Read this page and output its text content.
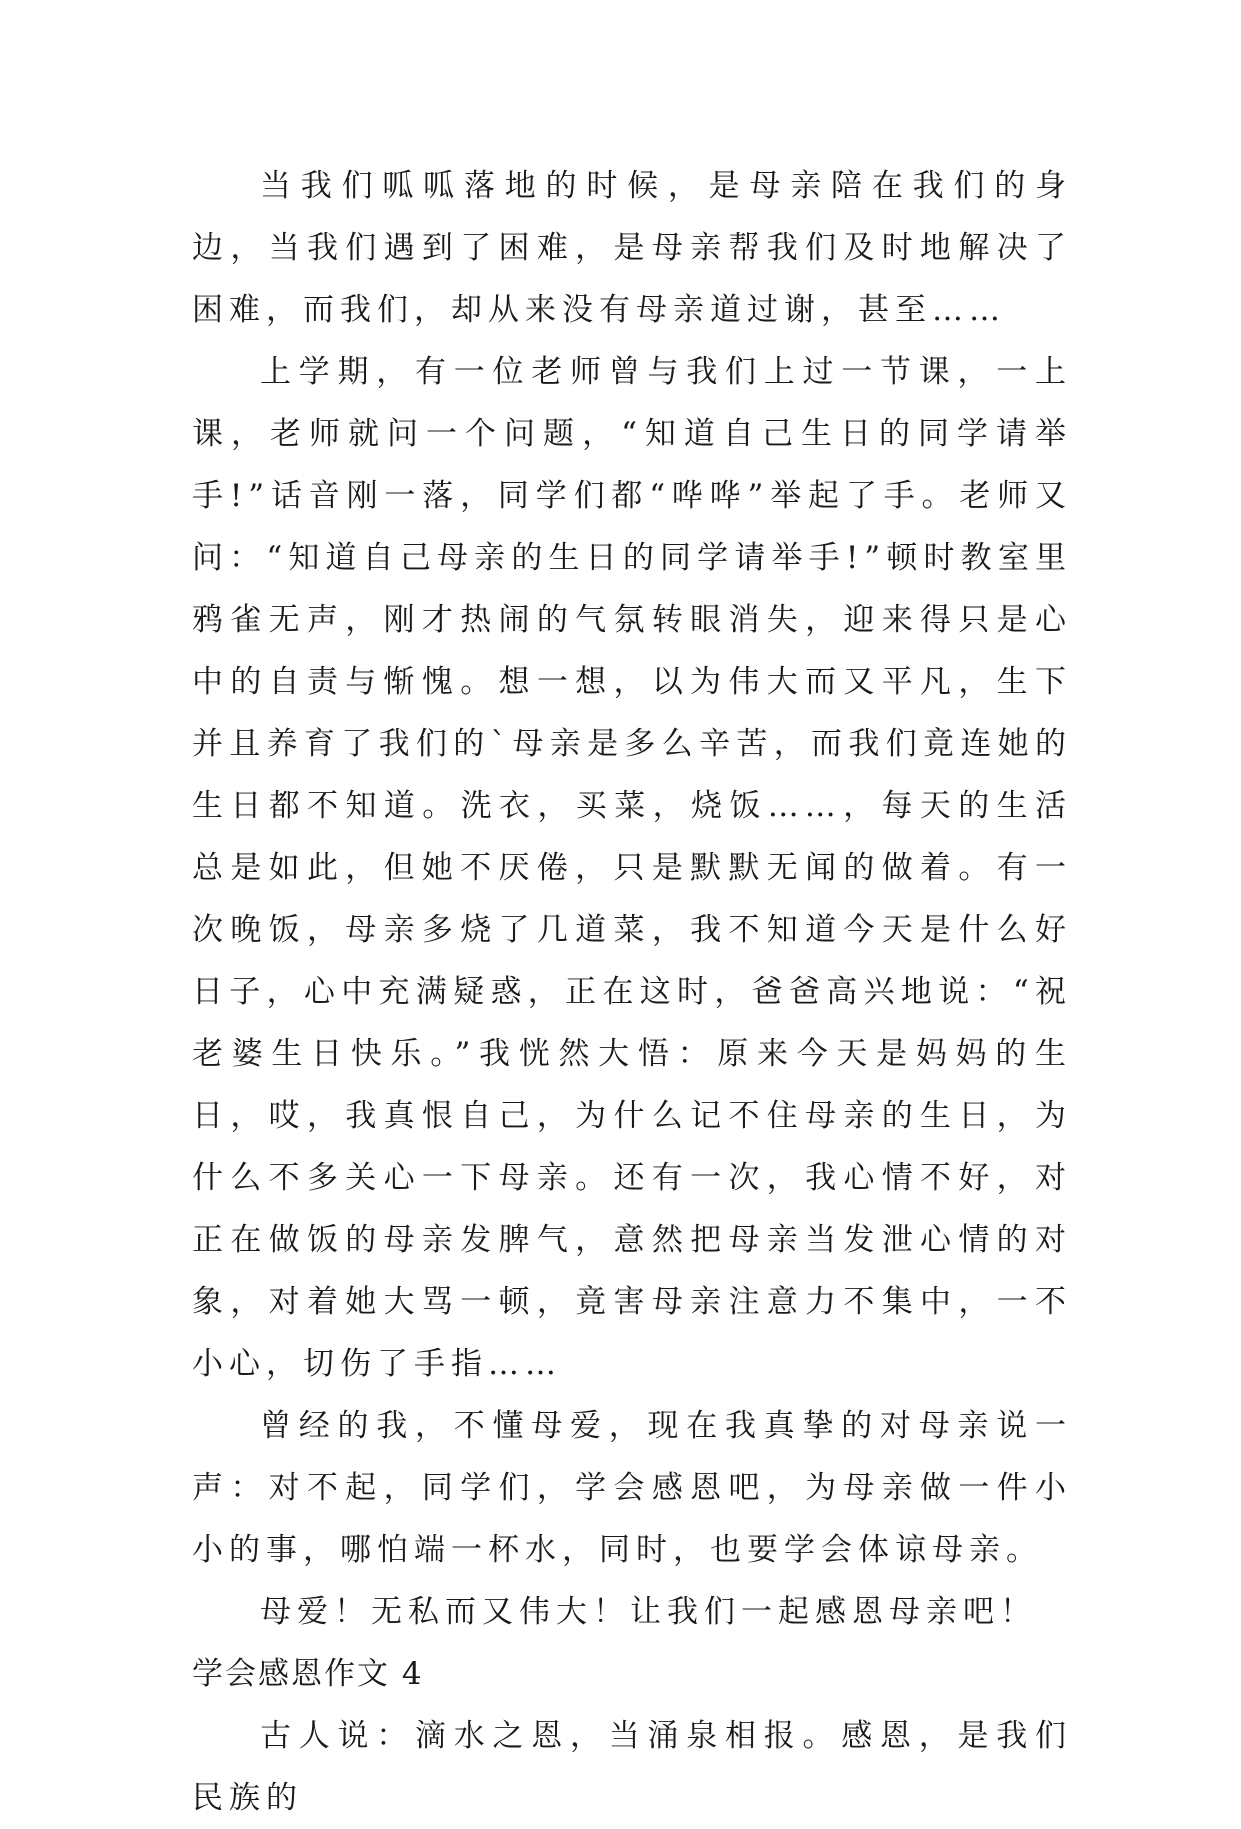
当我们呱呱落地的时候，是母亲陪在我们的身边，当我们遇到了困难，是母亲帮我们及时地解决了困难，而我们，却从来没有母亲道过谢，甚至……

上学期，有一位老师曾与我们上过一节课，一上课，老师就问一个问题，“知道自己生日的同学请举手!”话音刚一落，同学们都“哗哗”举起了手。老师又问：“知道自己母亲的生日的同学请举手!”顿时教室里鸦雀无声，刚才热闹的气氛转眼消失，迎来得只是心中的自责与惭愧。想一想，以为伟大而又平凡，生下并且养育了我们的`母亲是多么辛苦，而我们竟连她的生日都不知道。洗衣，买菜，烧饭……，每天的生活总是如此，但她不厌倦，只是默默无闻的做着。有一次晚饭，母亲多烧了几道菜，我不知道今天是什么好日子，心中充满疑惑，正在这时，爸爸高兴地说：“祝老婆生日快乐。”我恍然大悟：原来今天是妈妈的生日，哎，我真恨自己，为什么记不住母亲的生日，为什么不多关心一下母亲。还有一次，我心情不好，对正在做饭的母亲发脾气，意然把母亲当发泄心情的对象，对着她大骂一顿，竟害母亲注意力不集中，一不小心，切伤了手指……

曾经的我，不懂母爱，现在我真挚的对母亲说一声：对不起，同学们，学会感恩吧，为母亲做一件小小的事，哪怕端一杯水，同时，也要学会体谅母亲。

母爱！无私而又伟大！让我们一起感恩母亲吧！

学会感恩作文 4

古人说：滴水之恩，当涌泉相报。感恩，是我们民族的
